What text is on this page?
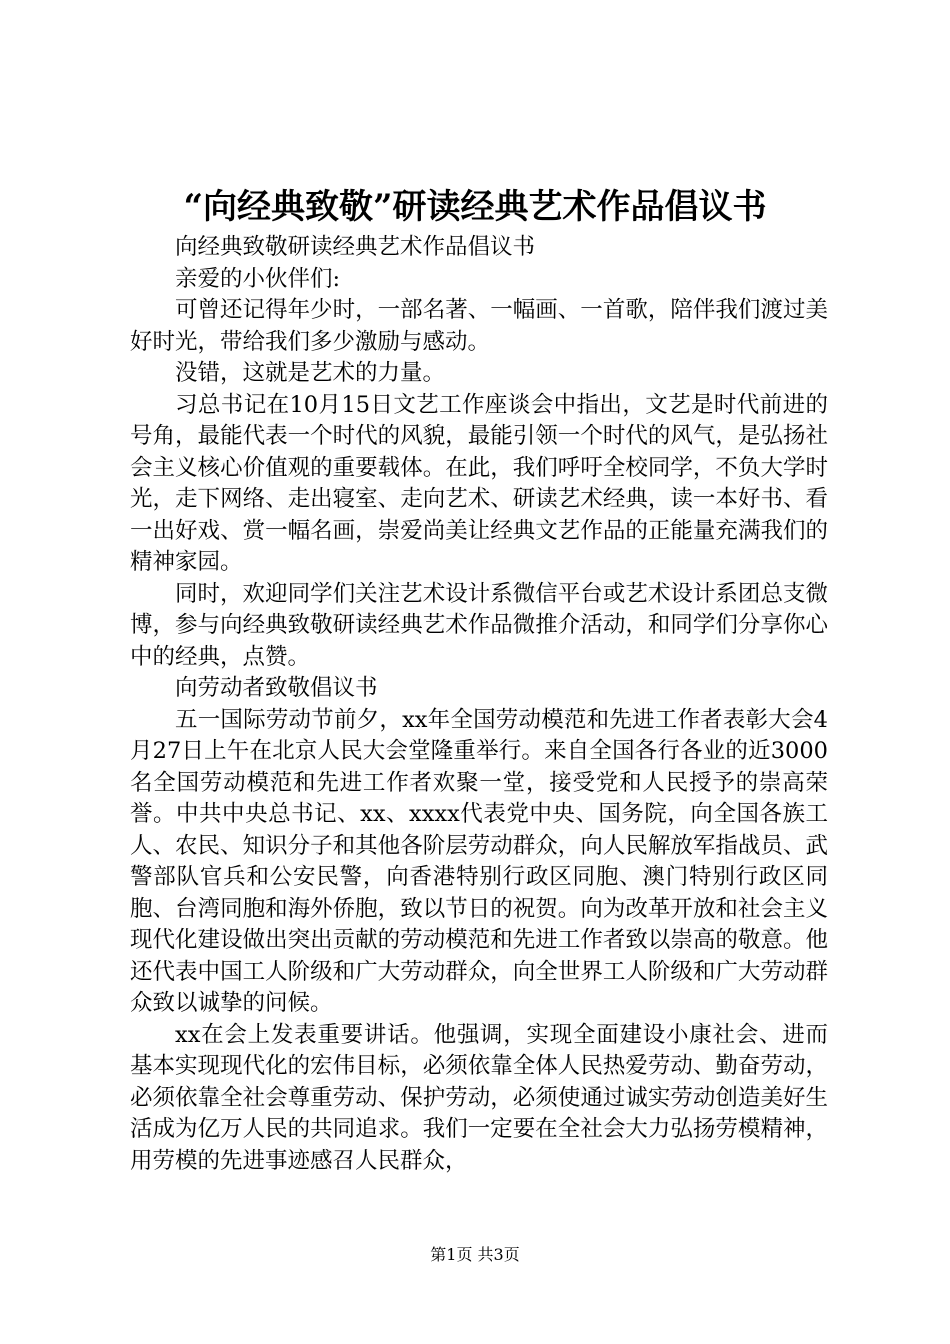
“向经典致敬”研读经典艺术作品倡议书

向经典致敬研读经典艺术作品倡议书

亲爱的小伙伴们:

可曾还记得年少时，一部名著、一幅画、一首歌，陪伴我们渡过美好时光，带给我们多少激励与感动。

没错，这就是艺术的力量。

习总书记在10月15日文艺工作座谈会中指出，文艺是时代前进的号角，最能代表一个时代的风貌，最能引领一个时代的风气，是弘扬社会主义核心价值观的重要载体。在此，我们呼吁全校同学，不负大学时光，走下网络、走出寝室、走向艺术、研读艺术经典，读一本好书、看一出好戏、赏一幅名画，崇爱尚美让经典文艺作品的正能量充满我们的精神家园。

同时，欢迎同学们关注艺术设计系微信平台或艺术设计系团总支微博，参与向经典致敬研读经典艺术作品微推介活动，和同学们分享你心中的经典，点赞。

向劳动者致敬倡议书

五一国际劳动节前夕，xx年全国劳动模范和先进工作者表彰大会4月27日上午在北京人民大会堂隆重举行。来自全国各行各业的近3000名全国劳动模范和先进工作者欢聚一堂，接受党和人民授予的崇高荣誉。中共中央总书记、xx、xxxx代表党中央、国务院，向全国各族工人、农民、知识分子和其他各阶层劳动群众，向人民解放军指战员、武警部队官兵和公安民警，向香港特别行政区同胞、澳门特别行政区同胞、台湾同胞和海外侨胞，致以节日的祝贺。向为改革开放和社会主义现代化建设做出突出贡献的劳动模范和先进工作者致以崇高的敬意。他还代表中国工人阶级和广大劳动群众，向全世界工人阶级和广大劳动群众致以诚挚的问候。

xx在会上发表重要讲话。他强调，实现全面建设小康社会、进而基本实现现代化的宏伟目标，必须依靠全体人民热爱劳动、勤奋劳动，必须依靠全社会尊重劳动、保护劳动，必须使通过诚实劳动创造美好生活成为亿万人民的共同追求。我们一定要在全社会大力弘扬劳模精神，用劳模的先进事迹感召人民群众，

第1页 共3页
